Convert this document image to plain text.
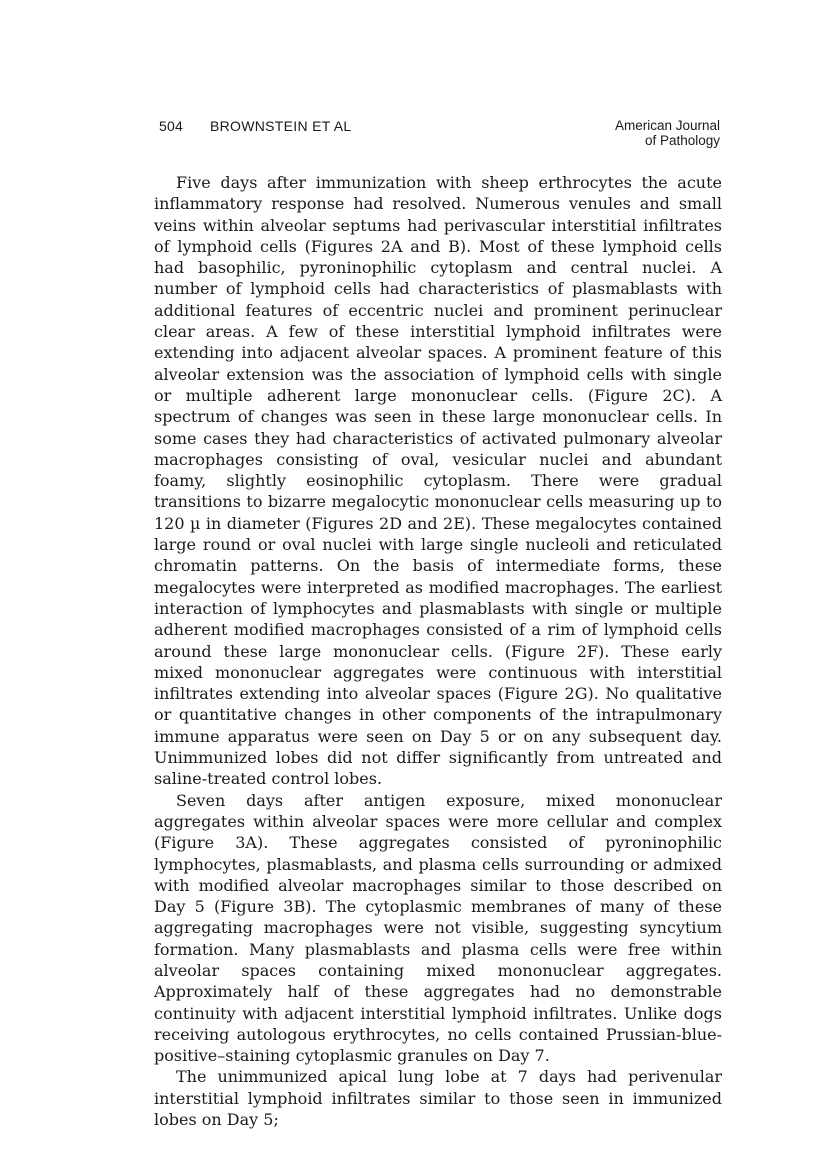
504 BROWNSTEIN ET AL	American Journal
of Pathology

Five days after immunization with sheep erthrocytes the acute inflammatory response had resolved. Numerous venules and small veins within alveolar septums had perivascular interstitial infiltrates of lymphoid cells (Figures 2A and B). Most of these lymphoid cells had basophilic, pyroninophilic cytoplasm and central nuclei. A number of lymphoid cells had characteristics of plasmablasts with additional features of eccentric nuclei and prominent perinuclear clear areas. A few of these interstitial lymphoid infiltrates were extending into adjacent alveolar spaces. A prominent feature of this alveolar extension was the association of lymphoid cells with single or multiple adherent large mononuclear cells. (Figure 2C). A spectrum of changes was seen in these large mononuclear cells. In some cases they had characteristics of activated pulmonary alveolar macrophages consisting of oval, vesicular nuclei and abundant foamy, slightly eosinophilic cytoplasm. There were gradual transitions to bizarre megalocytic mononuclear cells measuring up to 120 µ in diameter (Figures 2D and 2E). These megalocytes contained large round or oval nuclei with large single nucleoli and reticulated chromatin patterns. On the basis of intermediate forms, these megalocytes were interpreted as modified macrophages. The earliest interaction of lymphocytes and plasmablasts with single or multiple adherent modified macrophages consisted of a rim of lymphoid cells around these large mononuclear cells. (Figure 2F). These early mixed mononuclear aggregates were continuous with interstitial infiltrates extending into alveolar spaces (Figure 2G). No qualitative or quantitative changes in other components of the intrapulmonary immune apparatus were seen on Day 5 or on any subsequent day. Unimmunized lobes did not differ significantly from untreated and saline-treated control lobes.

Seven days after antigen exposure, mixed mononuclear aggregates within alveolar spaces were more cellular and complex (Figure 3A). These aggregates consisted of pyroninophilic lymphocytes, plasmablasts, and plasma cells surrounding or admixed with modified alveolar macrophages similar to those described on Day 5 (Figure 3B). The cytoplasmic membranes of many of these aggregating macrophages were not visible, suggesting syncytium formation. Many plasmablasts and plasma cells were free within alveolar spaces containing mixed mononuclear aggregates. Approximately half of these aggregates had no demonstrable continuity with adjacent interstitial lymphoid infiltrates. Unlike dogs receiving autologous erythrocytes, no cells contained Prussian-blue-positive–staining cytoplasmic granules on Day 7.

The unimmunized apical lung lobe at 7 days had perivenular interstitial lymphoid infiltrates similar to those seen in immunized lobes on Day 5;
